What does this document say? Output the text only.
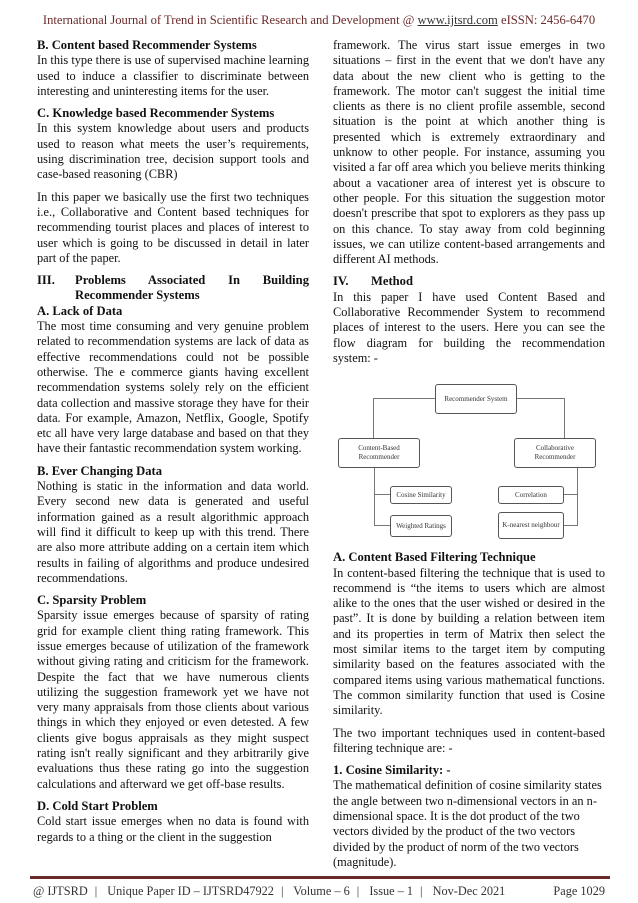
International Journal of Trend in Scientific Research and Development @ www.ijtsrd.com eISSN: 2456-6470
B. Content based Recommender Systems

In this type there is use of supervised machine learning used to induce a classifier to discriminate between interesting and uninteresting items for the user.

C. Knowledge based Recommender Systems

In this system knowledge about users and products used to reason what meets the user’s requirements, using discrimination tree, decision support tools and case-based reasoning (CBR)

In this paper we basically use the first two techniques i.e., Collaborative and Content based techniques for recommending tourist places and places of interest to user which is going to be discussed in detail in later part of the paper.

III.	Problems Associated In Building Recommender Systems
A. Lack of Data

The most time consuming and very genuine problem related to recommendation systems are lack of data as effective recommendations could not be possible otherwise. The e commerce giants having excellent recommendation systems solely rely on the efficient data collection and massive storage they have for their data. For example, Amazon, Netflix, Google, Spotify etc all have very large database and based on that they have their fantastic recommendation system working.

B. Ever Changing Data

Nothing is static in the information and data world. Every second new data is generated and useful information gained as a result algorithmic approach will find it difficult to keep up with this trend. There are also more attribute adding on a certain item which results in failing of algorithms and produce undesired recommendations.

C. Sparsity Problem

Sparsity issue emerges because of sparsity of rating grid for example client thing rating framework. This issue emerges because of utilization of the framework without giving rating and criticism for the framework. Despite the fact that we have numerous clients utilizing the suggestion framework yet we have not very many appraisals from those clients about various things in which they enjoyed or even detested. A few clients give bogus appraisals as they might suspect rating isn't really significant and they arbitrarily give evaluations thus these rating go into the suggestion calculations and afterward we get off-base results.

D. Cold Start Problem

Cold start issue emerges when no data is found with regards to a thing or the client in the suggestion

framework. The virus start issue emerges in two situations – first in the event that we don't have any data about the new client who is getting to the framework. The motor can't suggest the initial time clients as there is no client profile assemble, second situation is the point at which another thing is presented which is extremely extraordinary and unknow to other people. For instance, assuming you visited a far off area which you believe merits thinking about a vacationer area of interest yet is obscure to other people. For this situation the suggestion motor doesn't prescribe that spot to explorers as they pass up on this chance. To stay away from cold beginning issues, we can utilize content-based arrangements and different AI methods.

IV.	Method

In this paper I have used Content Based and Collaborative Recommender System to recommend places of interest to the users. Here you can see the flow diagram for building the recommendation system: -

Recommender System
Content-Based Recommender
Collaborative Recommender
Cosine Similarity
Weighted Ratings
Correlation
K-nearest neighbour
A. Content Based Filtering Technique

In content-based filtering the technique that is used to recommend is “the items to users which are almost alike to the ones that the user wished or desired in the past”. It is done by building a relation between item and its properties in term of Matrix then select the most similar items to the target item by computing similarity based on the features associated with the compared items using various mathematical functions. The common similarity function that used is Cosine similarity.

The two important techniques used in content-based filtering technique are: -

1. Cosine Similarity: -

The mathematical definition of cosine similarity states the angle between two n-dimensional vectors in an n-dimensional space. It is the dot product of the two vectors divided by the product of the two vectors divided by the product of norm of the two vectors (magnitude).

@ IJTSRD | Unique Paper ID – IJTSRD47922 | Volume – 6 | Issue – 1 | Nov-Dec 2021	Page 1029
